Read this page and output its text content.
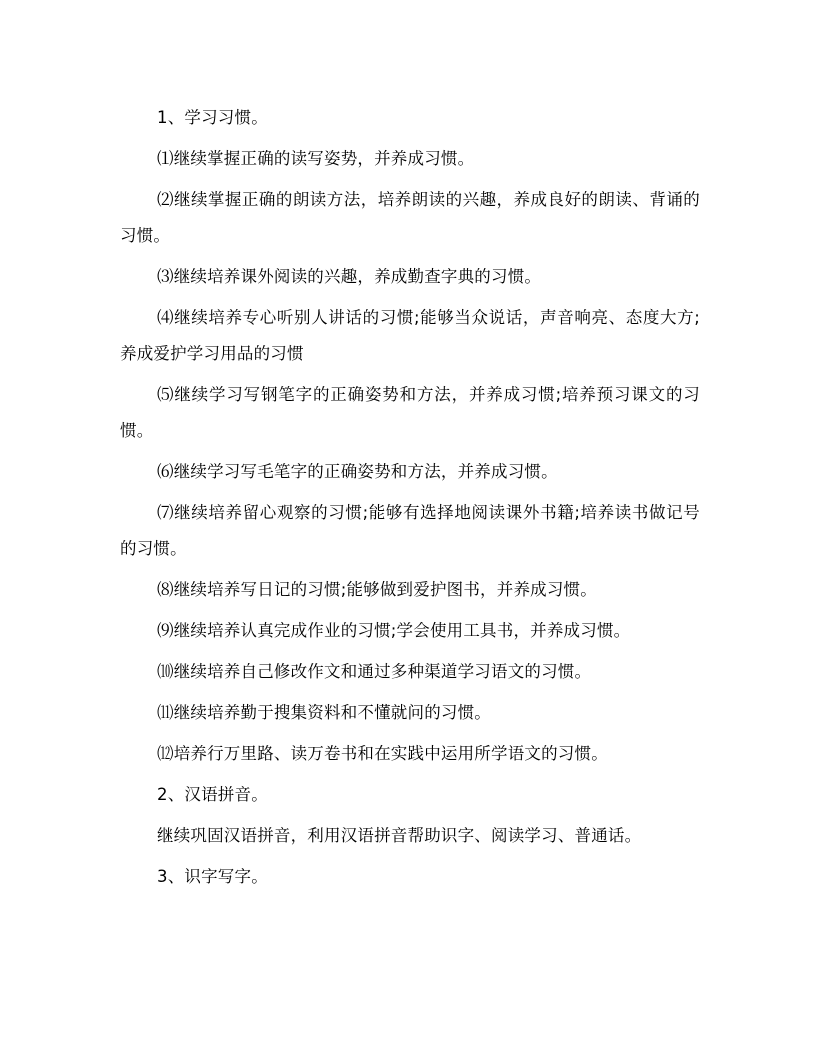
1、学习习惯。

⑴继续掌握正确的读写姿势，并养成习惯。

⑵继续掌握正确的朗读方法，培养朗读的兴趣，养成良好的朗读、背诵的习惯。

⑶继续培养课外阅读的兴趣，养成勤查字典的习惯。

⑷继续培养专心听别人讲话的习惯;能够当众说话，声音响亮、态度大方;养成爱护学习用品的习惯

⑸继续学习写钢笔字的正确姿势和方法，并养成习惯;培养预习课文的习惯。

⑹继续学习写毛笔字的正确姿势和方法，并养成习惯。

⑺继续培养留心观察的习惯;能够有选择地阅读课外书籍;培养读书做记号的习惯。

⑻继续培养写日记的习惯;能够做到爱护图书，并养成习惯。

⑼继续培养认真完成作业的习惯;学会使用工具书，并养成习惯。

⑽继续培养自己修改作文和通过多种渠道学习语文的习惯。

⑾继续培养勤于搜集资料和不懂就问的习惯。

⑿培养行万里路、读万卷书和在实践中运用所学语文的习惯。

2、汉语拼音。

继续巩固汉语拼音，利用汉语拼音帮助识字、阅读学习、普通话。

3、识字写字。
